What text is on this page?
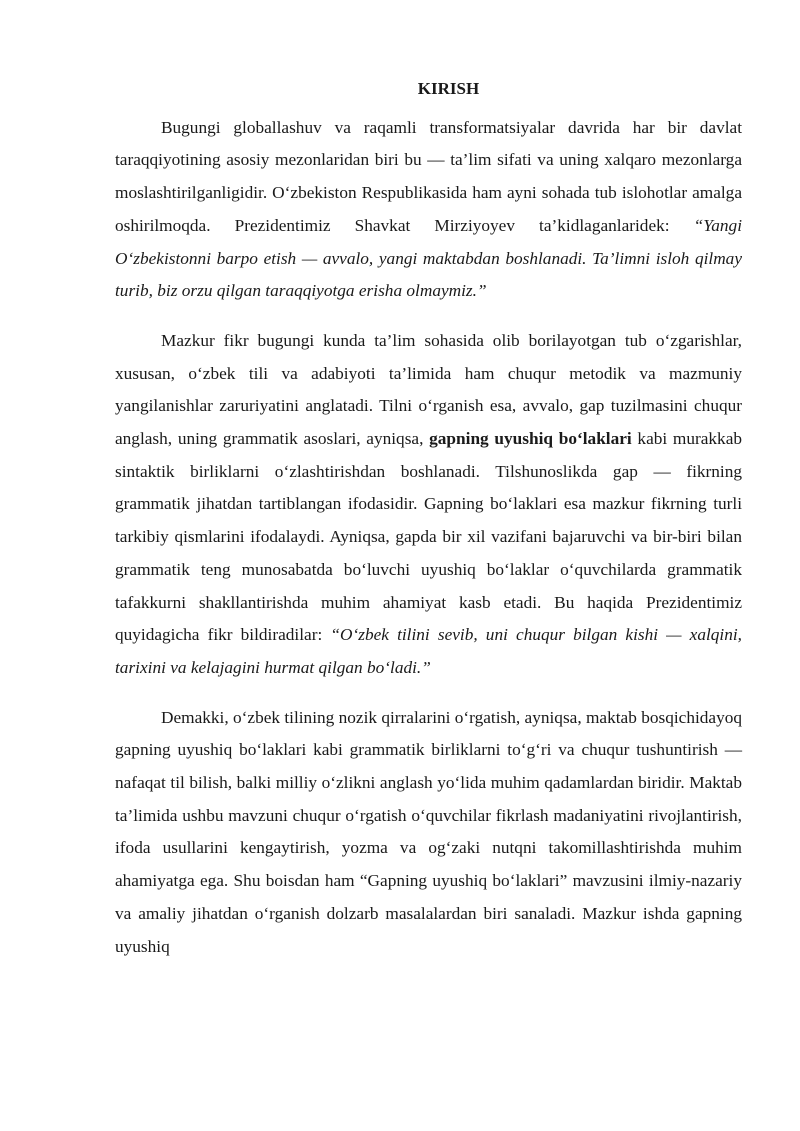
KIRISH

Bugungi globallashuv va raqamli transformatsiyalar davrida har bir davlat taraqqiyotining asosiy mezonlaridan biri bu — ta’lim sifati va uning xalqaro mezonlarga moslashtirilganligidir. O‘zbekiston Respublikasida ham ayni sohada tub islohotlar amalga oshirilmoqda. Prezidentimiz Shavkat Mirziyoyev ta’kidlaganlaridek: “Yangi O‘zbekistonni barpo etish — avvalo, yangi maktabdan boshlanadi. Ta’limni isloh qilmay turib, biz orzu qilgan taraqqiyotga erisha olmaymiz.”

Mazkur fikr bugungi kunda ta’lim sohasida olib borilayotgan tub o‘zgarishlar, xususan, o‘zbek tili va adabiyoti ta’limida ham chuqur metodik va mazmuniy yangilanishlar zaruriyatini anglatadi. Tilni o‘rganish esa, avvalo, gap tuzilmasini chuqur anglash, uning grammatik asoslari, ayniqsa, gapning uyushiq bo‘laklari kabi murakkab sintaktik birliklarni o‘zlashtirishdan boshlanadi. Tilshunoslikda gap — fikrning grammatik jihatdan tartiblangan ifodasidir. Gapning bo‘laklari esa mazkur fikrning turli tarkibiy qismlarini ifodalaydi. Ayniqsa, gapda bir xil vazifani bajaruvchi va bir-biri bilan grammatik teng munosabatda bo‘luvchi uyushiq bo‘laklar o‘quvchilarda grammatik tafakkurni shakllantirishda muhim ahamiyat kasb etadi. Bu haqida Prezidentimiz quyidagicha fikr bildiradilar: “O‘zbek tilini sevib, uni chuqur bilgan kishi — xalqini, tarixini va kelajagini hurmat qilgan bo‘ladi.”

Demakki, o‘zbek tilining nozik qirralarini o‘rgatish, ayniqsa, maktab bosqichidayoq gapning uyushiq bo‘laklari kabi grammatik birliklarni to‘g‘ri va chuqur tushuntirish — nafaqat til bilish, balki milliy o‘zlikni anglash yo‘lida muhim qadamlardan biridir. Maktab ta’limida ushbu mavzuni chuqur o‘rgatish o‘quvchilar fikrlash madaniyatini rivojlantirish, ifoda usullarini kengaytirish, yozma va og‘zaki nutqni takomillashtirishda muhim ahamiyatga ega. Shu boisdan ham “Gapning uyushiq bo‘laklari” mavzusini ilmiy-nazariy va amaliy jihatdan o‘rganish dolzarb masalalardan biri sanaladi. Mazkur ishda gapning uyushiq
